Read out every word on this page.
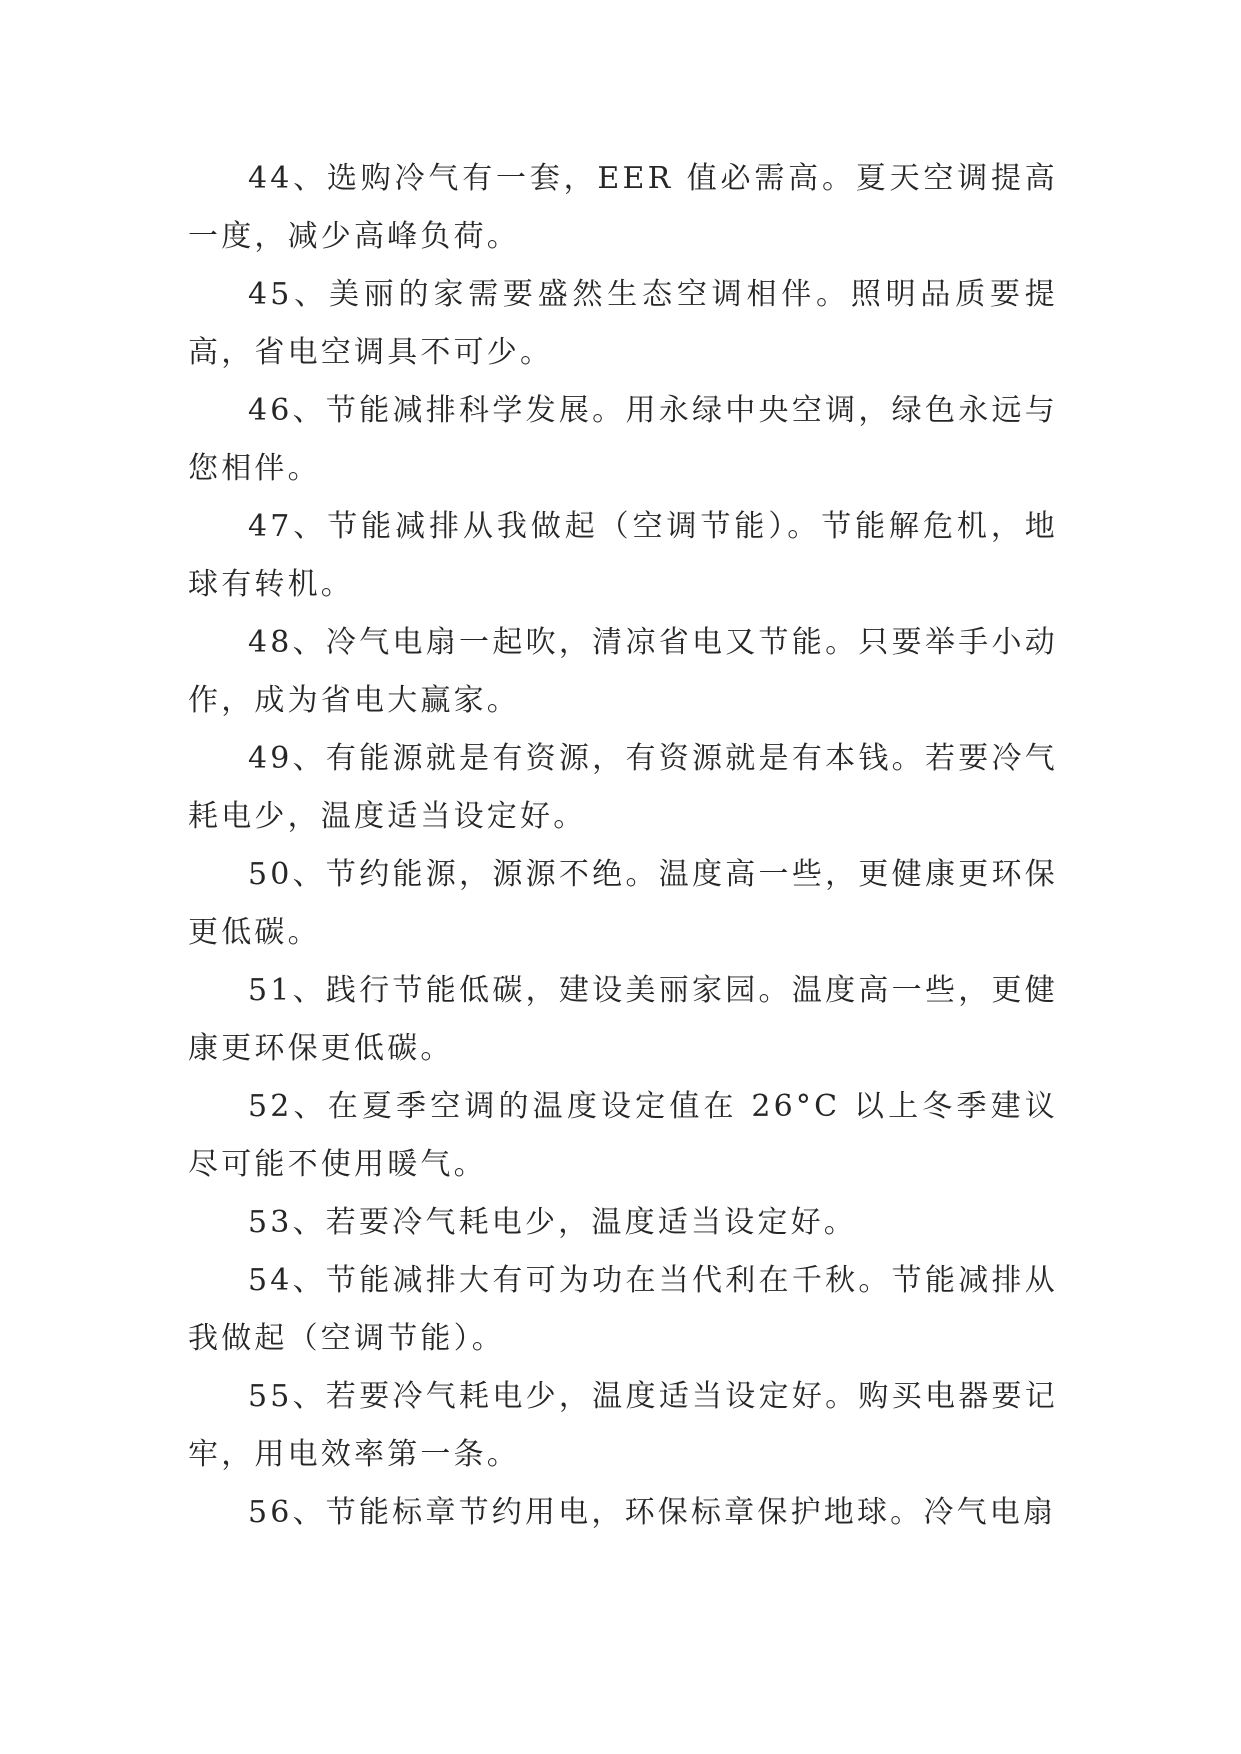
44、选购冷气有一套，EER 值必需高。夏天空调提高一度，减少高峰负荷。

45、美丽的家需要盛然生态空调相伴。照明品质要提高，省电空调具不可少。

46、节能减排科学发展。用永绿中央空调，绿色永远与您相伴。

47、节能减排从我做起（空调节能）。节能解危机，地球有转机。

48、冷气电扇一起吹，清凉省电又节能。只要举手小动作，成为省电大赢家。

49、有能源就是有资源，有资源就是有本钱。若要冷气耗电少，温度适当设定好。

50、节约能源，源源不绝。温度高一些，更健康更环保更低碳。

51、践行节能低碳，建设美丽家园。温度高一些，更健康更环保更低碳。

52、在夏季空调的温度设定值在 26°C 以上冬季建议尽可能不使用暖气。

53、若要冷气耗电少，温度适当设定好。

54、节能减排大有可为功在当代利在千秋。节能减排从我做起（空调节能）。

55、若要冷气耗电少，温度适当设定好。购买电器要记牢，用电效率第一条。

56、节能标章节约用电，环保标章保护地球。冷气电扇
